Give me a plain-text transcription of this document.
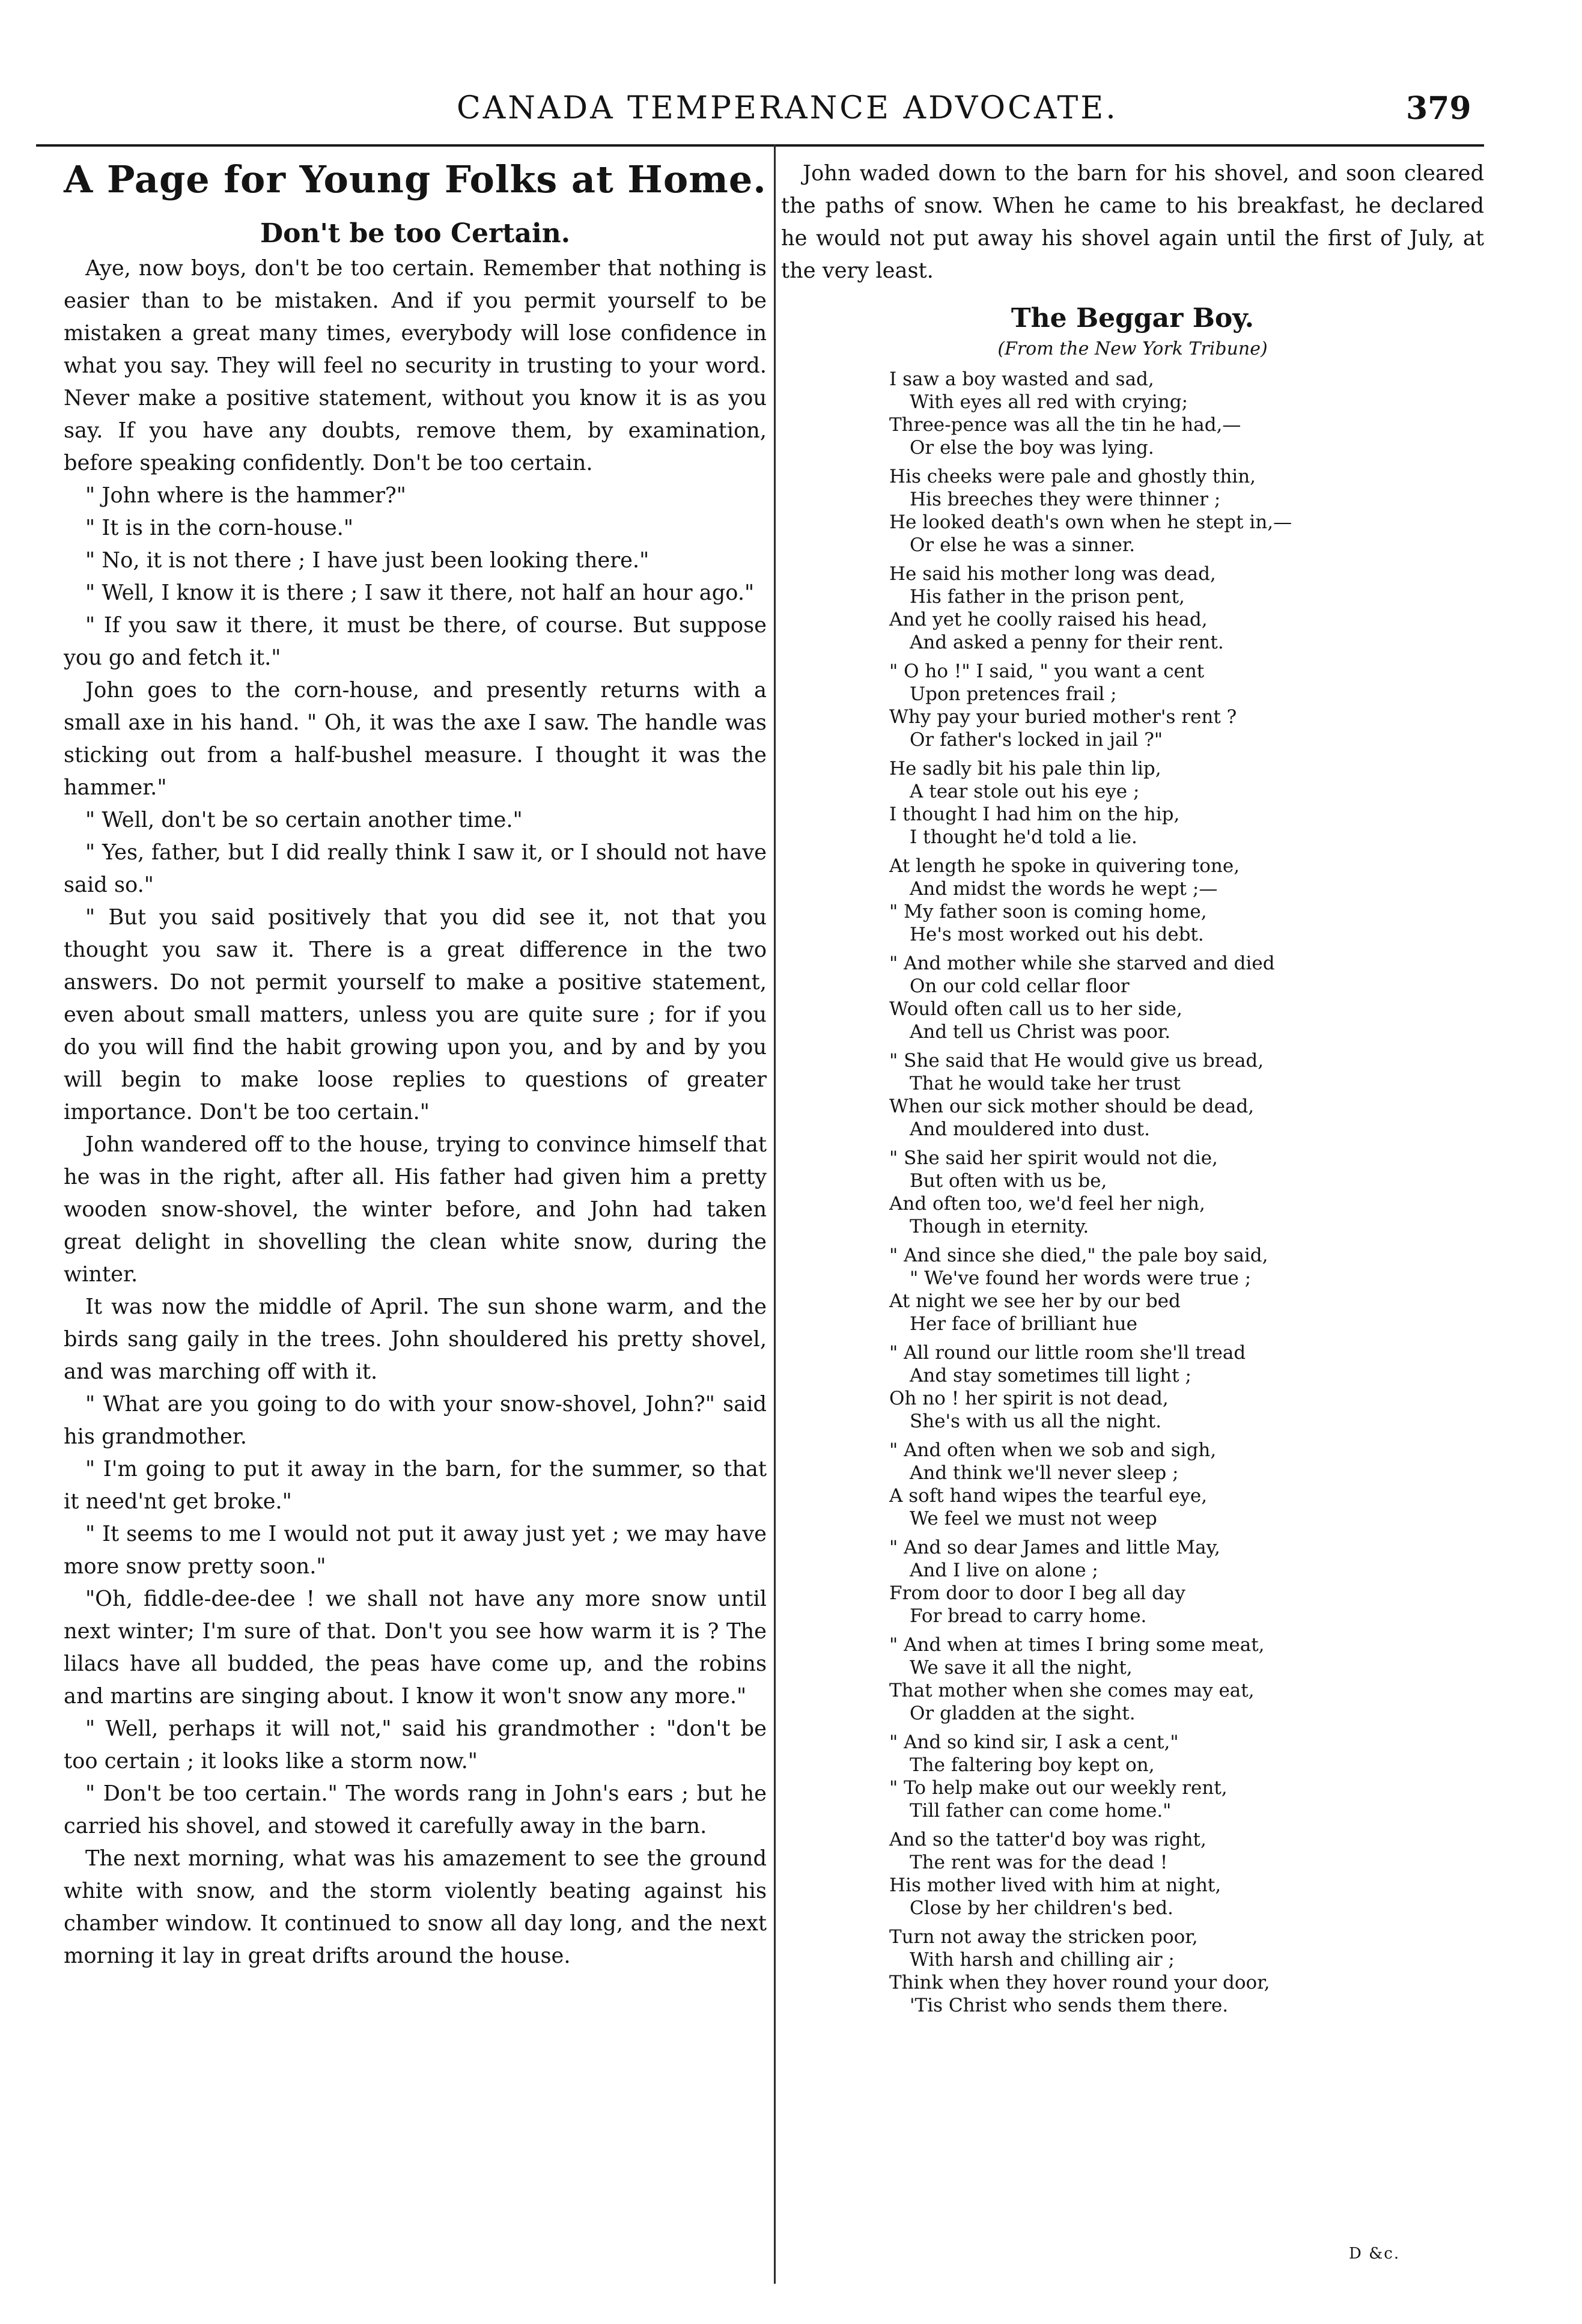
CANADA TEMPERANCE ADVOCATE.	379
A Page for Young Folks at Home.
Don't be too Certain.

Aye, now boys, don't be too certain. Remember that nothing is easier than to be mistaken. And if you permit yourself to be mistaken a great many times, everybody will lose confidence in what you say. They will feel no security in trusting to your word. Never make a positive statement, without you know it is as you say. If you have any doubts, remove them, by examination, before speaking confidently. Don't be too certain.

" John where is the hammer?"

" It is in the corn-house."

" No, it is not there ; I have just been looking there."

" Well, I know it is there ; I saw it there, not half an hour ago."

" If you saw it there, it must be there, of course. But suppose you go and fetch it."

John goes to the corn-house, and presently returns with a small axe in his hand. " Oh, it was the axe I saw. The handle was sticking out from a half-bushel measure. I thought it was the hammer."

" Well, don't be so certain another time."

" Yes, father, but I did really think I saw it, or I should not have said so."

" But you said positively that you did see it, not that you thought you saw it. There is a great difference in the two answers. Do not permit yourself to make a positive statement, even about small matters, unless you are quite sure ; for if you do you will find the habit growing upon you, and by and by you will begin to make loose replies to questions of greater importance. Don't be too certain."

John wandered off to the house, trying to convince himself that he was in the right, after all. His father had given him a pretty wooden snow-shovel, the winter before, and John had taken great delight in shovelling the clean white snow, during the winter.

It was now the middle of April. The sun shone warm, and the birds sang gaily in the trees. John shouldered his pretty shovel, and was marching off with it.

" What are you going to do with your snow-shovel, John?" said his grandmother.

" I'm going to put it away in the barn, for the summer, so that it need'nt get broke."

" It seems to me I would not put it away just yet ; we may have more snow pretty soon."

"Oh, fiddle-dee-dee ! we shall not have any more snow until next winter; I'm sure of that. Don't you see how warm it is ? The lilacs have all budded, the peas have come up, and the robins and martins are singing about. I know it won't snow any more."

" Well, perhaps it will not," said his grandmother : "don't be too certain ; it looks like a storm now."

" Don't be too certain." The words rang in John's ears ; but he carried his shovel, and stowed it carefully away in the barn.

The next morning, what was his amazement to see the ground white with snow, and the storm violently beating against his chamber window. It continued to snow all day long, and the next morning it lay in great drifts around the house.

John waded down to the barn for his shovel, and soon cleared the paths of snow. When he came to his breakfast, he declared he would not put away his shovel again until the first of July, at the very least.

The Beggar Boy.
(From the New York Tribune)
I saw a boy wasted and sad,
With eyes all red with crying;
Three-pence was all the tin he had,—
Or else the boy was lying.
His cheeks were pale and ghostly thin,
His breeches they were thinner ;
He looked death's own when he stept in,—
Or else he was a sinner.
He said his mother long was dead,
His father in the prison pent,
And yet he coolly raised his head,
And asked a penny for their rent.
" O ho !" I said, " you want a cent
Upon pretences frail ;
Why pay your buried mother's rent ?
Or father's locked in jail ?"
He sadly bit his pale thin lip,
A tear stole out his eye ;
I thought I had him on the hip,
I thought he'd told a lie.
At length he spoke in quivering tone,
And midst the words he wept ;—
" My father soon is coming home,
He's most worked out his debt.
" And mother while she starved and died
On our cold cellar floor
Would often call us to her side,
And tell us Christ was poor.
" She said that He would give us bread,
That he would take her trust
When our sick mother should be dead,
And mouldered into dust.
" She said her spirit would not die,
But often with us be,
And often too, we'd feel her nigh,
Though in eternity.
" And since she died," the pale boy said,
" We've found her words were true ;
At night we see her by our bed
Her face of brilliant hue
" All round our little room she'll tread
And stay sometimes till light ;
Oh no ! her spirit is not dead,
She's with us all the night.
" And often when we sob and sigh,
And think we'll never sleep ;
A soft hand wipes the tearful eye,
We feel we must not weep
" And so dear James and little May,
And I live on alone ;
From door to door I beg all day
For bread to carry home.
" And when at times I bring some meat,
We save it all the night,
That mother when she comes may eat,
Or gladden at the sight.
" And so kind sir, I ask a cent,"
The faltering boy kept on,
" To help make out our weekly rent,
Till father can come home."
And so the tatter'd boy was right,
The rent was for the dead !
His mother lived with him at night,
Close by her children's bed.
Turn not away the stricken poor,
With harsh and chilling air ;
Think when they hover round your door,
'Tis Christ who sends them there.
D &c.
